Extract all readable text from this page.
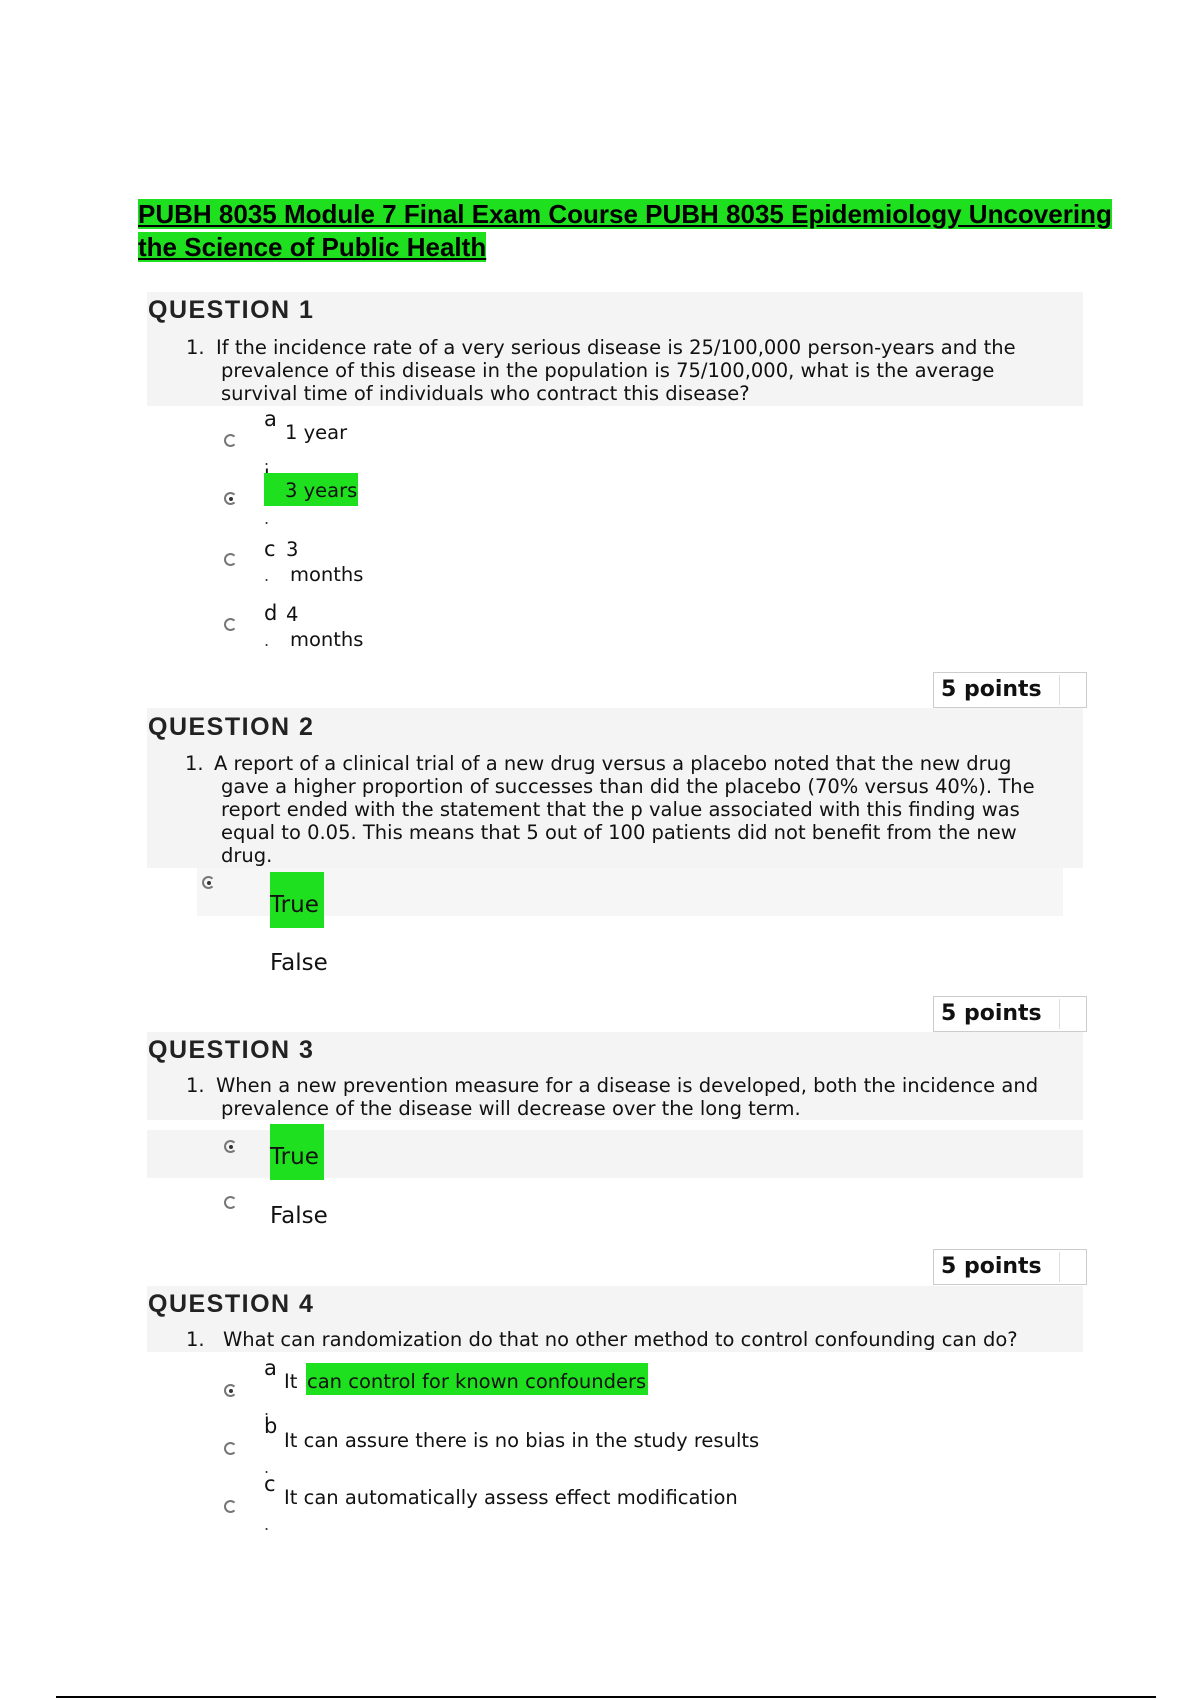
PUBH 8035 Module 7 Final Exam Course PUBH 8035 Epidemiology Uncovering
the Science of Public Health
QUESTION 1
1. If the incidence rate of a very serious disease is 25/100,000 person-years and the
prevalence of this disease in the population is 75/100,000, what is the average
survival time of individuals who contract this disease?
a
1 year
.
3 years
.
c 3
. months
d 4
. months
5 points
QUESTION 2
1. A report of a clinical trial of a new drug versus a placebo noted that the new drug
gave a higher proportion of successes than did the placebo (70% versus 40%). The
report ended with the statement that the p value associated with this finding was
equal to 0.05. This means that 5 out of 100 patients did not benefit from the new
drug.
True
False
5 points
QUESTION 3
1. When a new prevention measure for a disease is developed, both the incidence and
prevalence of the disease will decrease over the long term.
True
False
5 points
QUESTION 4
1. What can randomization do that no other method to control confounding can do?
a
It can control for known confounders
.
b
It can assure there is no bias in the study results
.
c
It can automatically assess effect modification
.
